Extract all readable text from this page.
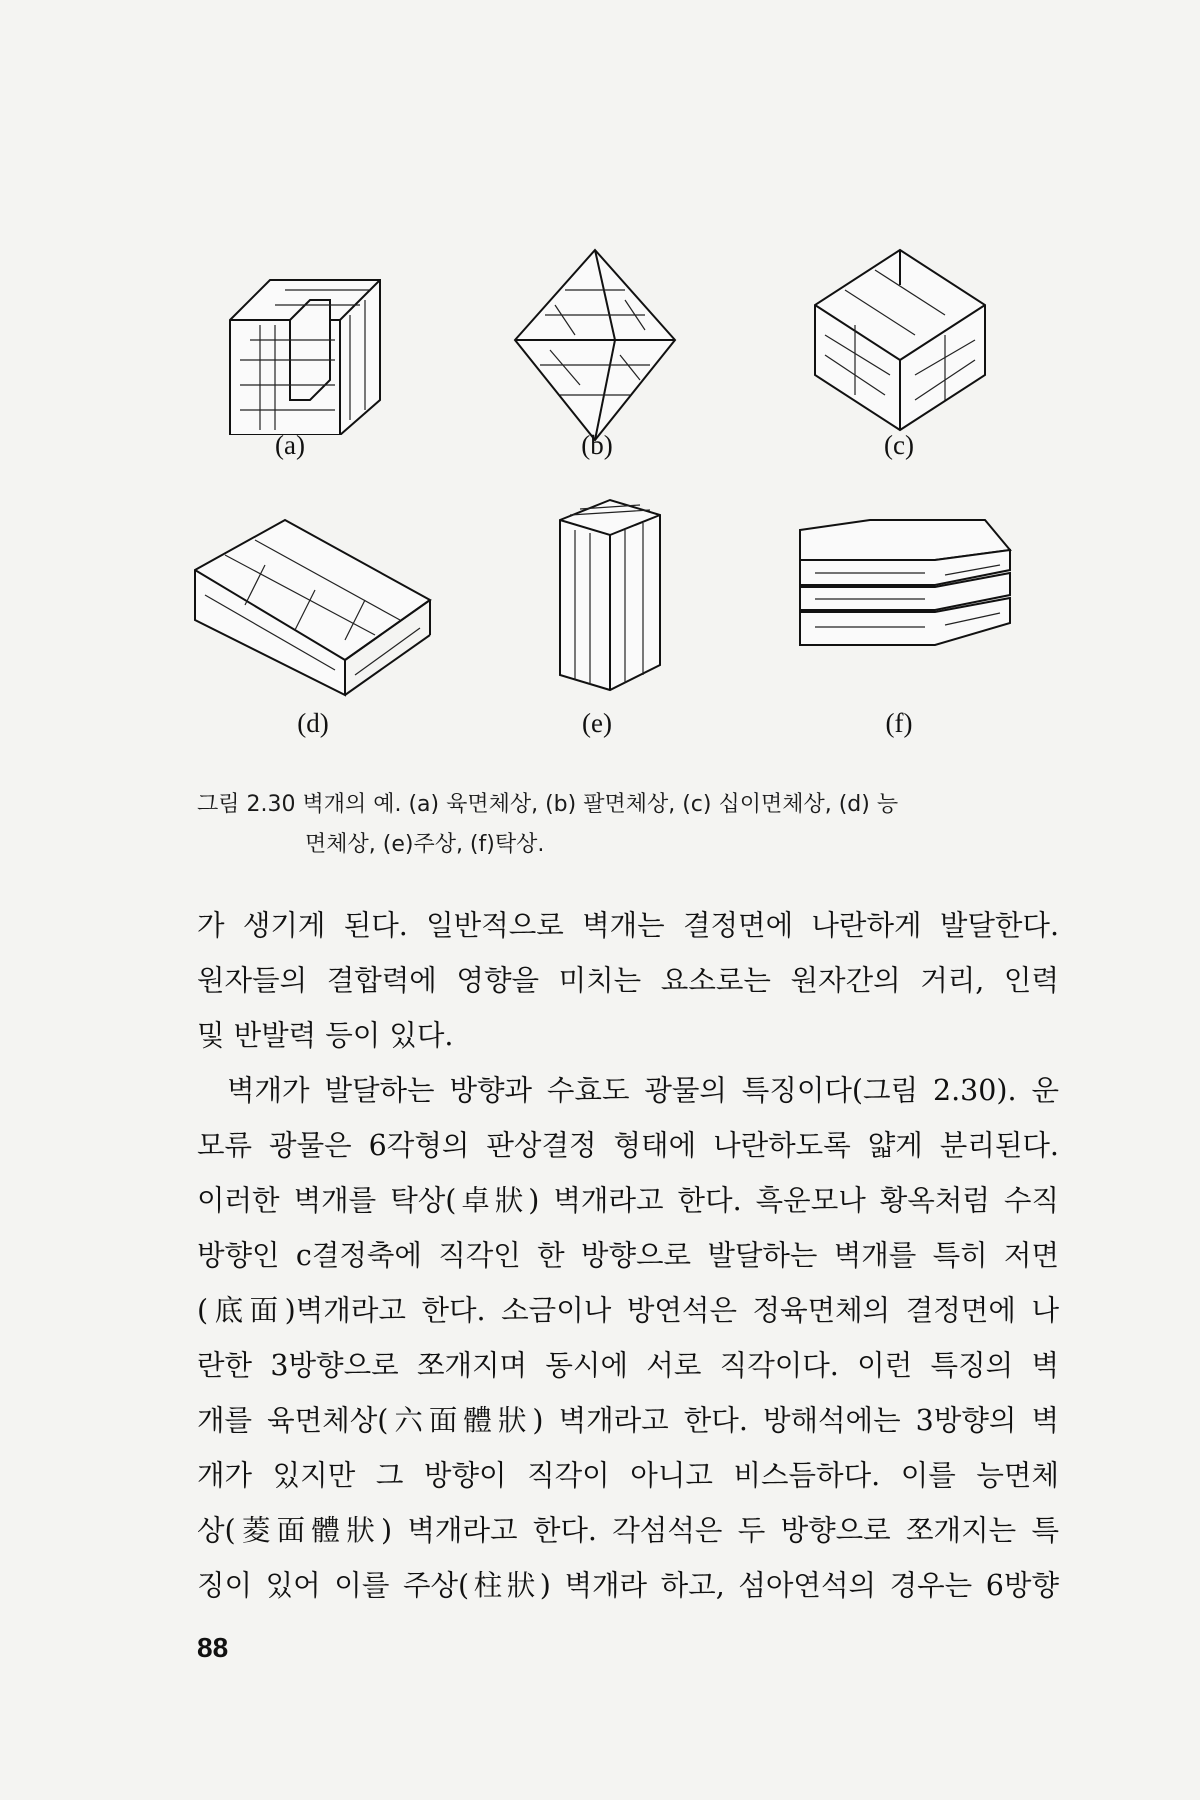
(a)	(b)	(c)
(d)	(e)	(f)
그림 2.30 벽개의 예. (a) 육면체상, (b) 팔면체상, (c) 십이면체상, (d) 능
면체상, (e)주상, (f)탁상.
가 생기게 된다. 일반적으로 벽개는 결정면에 나란하게 발달한다.
원자들의 결합력에 영향을 미치는 요소로는 원자간의 거리, 인력
및 반발력 등이 있다.
벽개가 발달하는 방향과 수효도 광물의 특징이다(그림 2.30). 운
모류 광물은 6각형의 판상결정 형태에 나란하도록 얇게 분리된다.
이러한 벽개를 탁상(卓狀) 벽개라고 한다. 흑운모나 황옥처럼 수직
방향인 c결정축에 직각인 한 방향으로 발달하는 벽개를 특히 저면
(底面)벽개라고 한다. 소금이나 방연석은 정육면체의 결정면에 나
란한 3방향으로 쪼개지며 동시에 서로 직각이다. 이런 특징의 벽
개를 육면체상(六面體狀) 벽개라고 한다. 방해석에는 3방향의 벽
개가 있지만 그 방향이 직각이 아니고 비스듬하다. 이를 능면체
상(菱面體狀) 벽개라고 한다. 각섬석은 두 방향으로 쪼개지는 특
징이 있어 이를 주상(柱狀) 벽개라 하고, 섬아연석의 경우는 6방향
88
